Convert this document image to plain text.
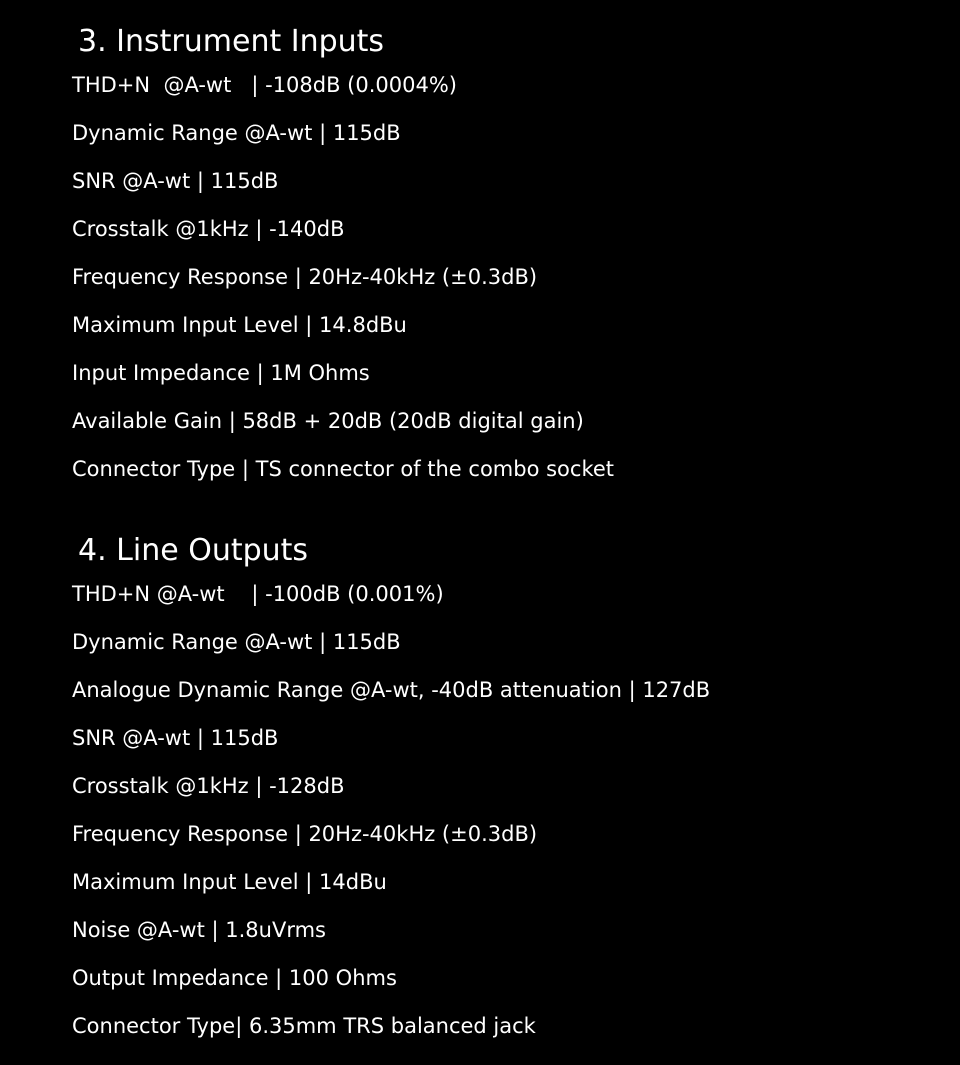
3. Instrument Inputs
THD+N  @A-wt   | -108dB (0.0004%)
Dynamic Range @A-wt | 115dB
SNR @A-wt | 115dB
Crosstalk @1kHz | -140dB
Frequency Response | 20Hz-40kHz (±0.3dB)
Maximum Input Level | 14.8dBu
Input Impedance | 1M Ohms
Available Gain | 58dB + 20dB (20dB digital gain)
Connector Type | TS connector of the combo socket
4. Line Outputs
THD+N @A-wt    | -100dB (0.001%)
Dynamic Range @A-wt | 115dB
Analogue Dynamic Range @A-wt, -40dB attenuation | 127dB
SNR @A-wt | 115dB
Crosstalk @1kHz | -128dB
Frequency Response | 20Hz-40kHz (±0.3dB)
Maximum Input Level | 14dBu
Noise @A-wt | 1.8uVrms
Output Impedance | 100 Ohms
Connector Type| 6.35mm TRS balanced jack
